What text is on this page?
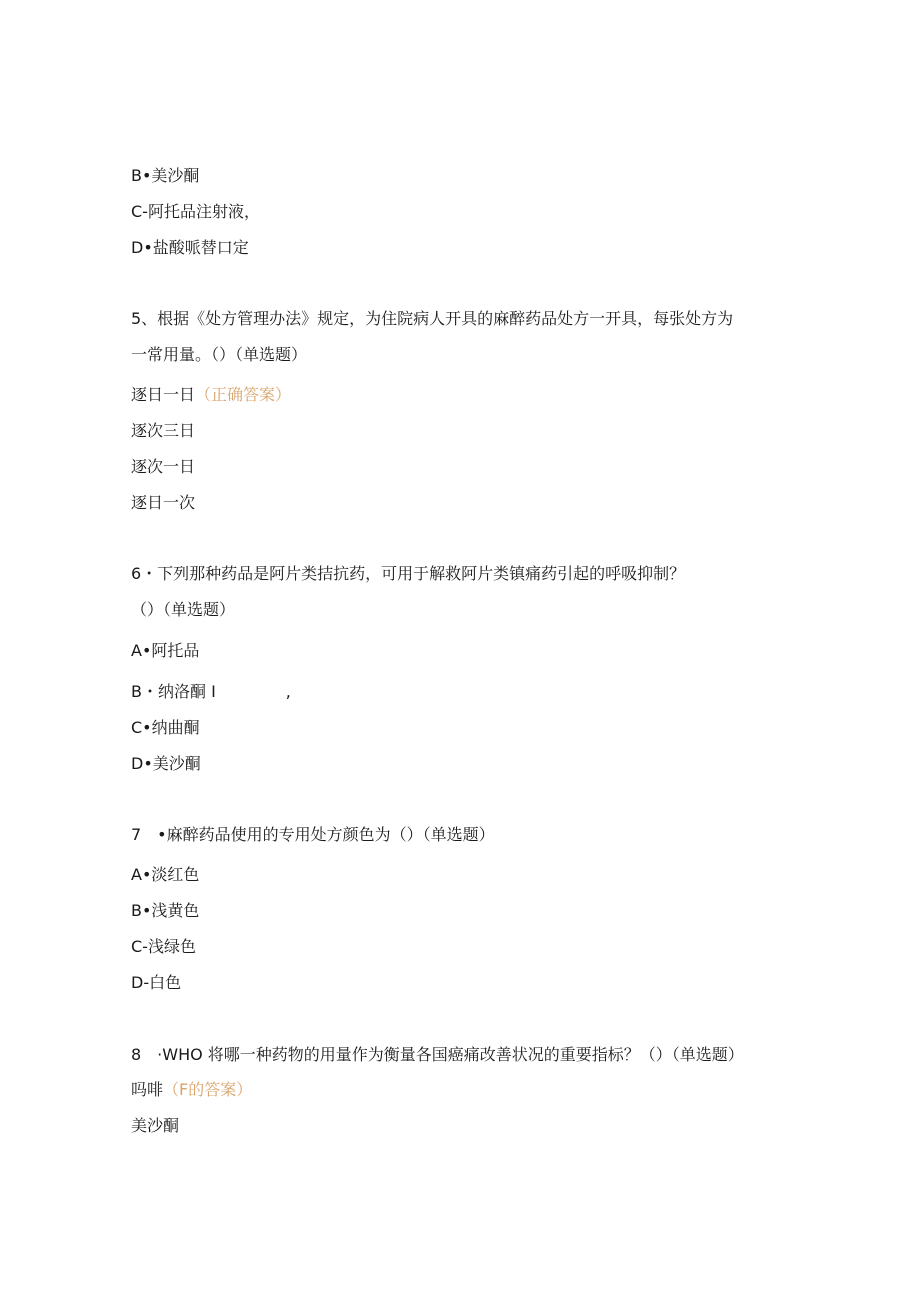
B•美沙酮
C-阿托品注射液，
D•盐酸哌替口定
5、根据《处方管理办法》规定，为住院病人开具的麻醉药品处方一开具，每张处方为
一常用量。（）（单选题）
逐日一日（正确答案）
逐次三日
逐次一日
逐日一次
6・下列那种药品是阿片类拮抗药，可用于解救阿片类镇痛药引起的呼吸抑制？
（）（单选题）
A•阿托品
B・纳洛酮 I	,
C•纳曲酮
D•美沙酮
7　•麻醉药品使用的专用处方颜色为（）（单选题）
A•淡红色
B•浅黄色
C-浅绿色
D-白色
8　·WHO 将哪一种药物的用量作为衡量各国癌痛改善状况的重要指标？（）（单选题）
吗啡（F的答案）
美沙酮
